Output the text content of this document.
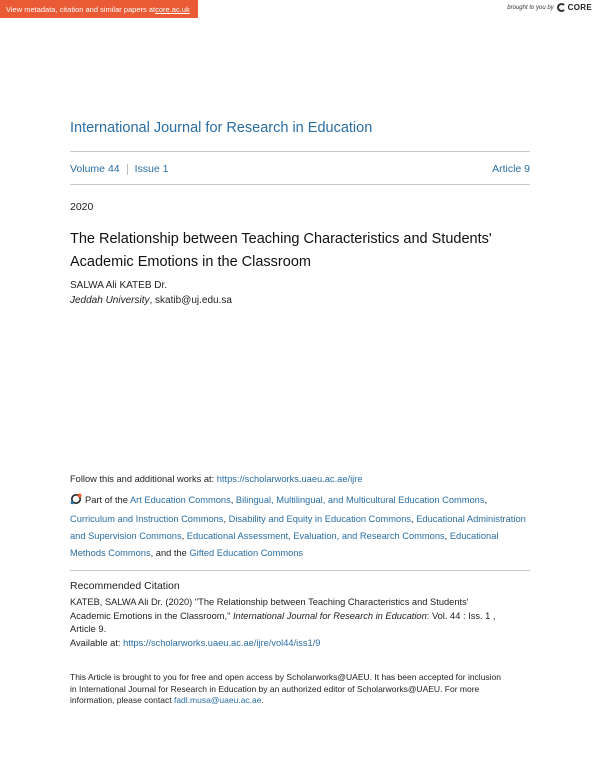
View metadata, citation and similar papers at core.ac.uk	brought to you by CORE
International Journal for Research in Education
Volume 44 Issue 1	Article 9
2020
The Relationship between Teaching Characteristics and Students'
Academic Emotions in the Classroom
SALWA Ali KATEB Dr.
Jeddah University, skatib@uj.edu.sa
Follow this and additional works at: https://scholarworks.uaeu.ac.ae/ijre
Part of the Art Education Commons, Bilingual, Multilingual, and Multicultural Education Commons, Curriculum and Instruction Commons, Disability and Equity in Education Commons, Educational Administration and Supervision Commons, Educational Assessment, Evaluation, and Research Commons, Educational Methods Commons, and the Gifted Education Commons
Recommended Citation
KATEB, SALWA Ali Dr. (2020) "The Relationship between Teaching Characteristics and Students'
Academic Emotions in the Classroom," International Journal for Research in Education: Vol. 44 : Iss. 1 ,
Article 9.
Available at: https://scholarworks.uaeu.ac.ae/ijre/vol44/iss1/9
This Article is brought to you for free and open access by Scholarworks@UAEU. It has been accepted for inclusion
in International Journal for Research in Education by an authorized editor of Scholarworks@UAEU. For more
information, please contact fadl.musa@uaeu.ac.ae.
